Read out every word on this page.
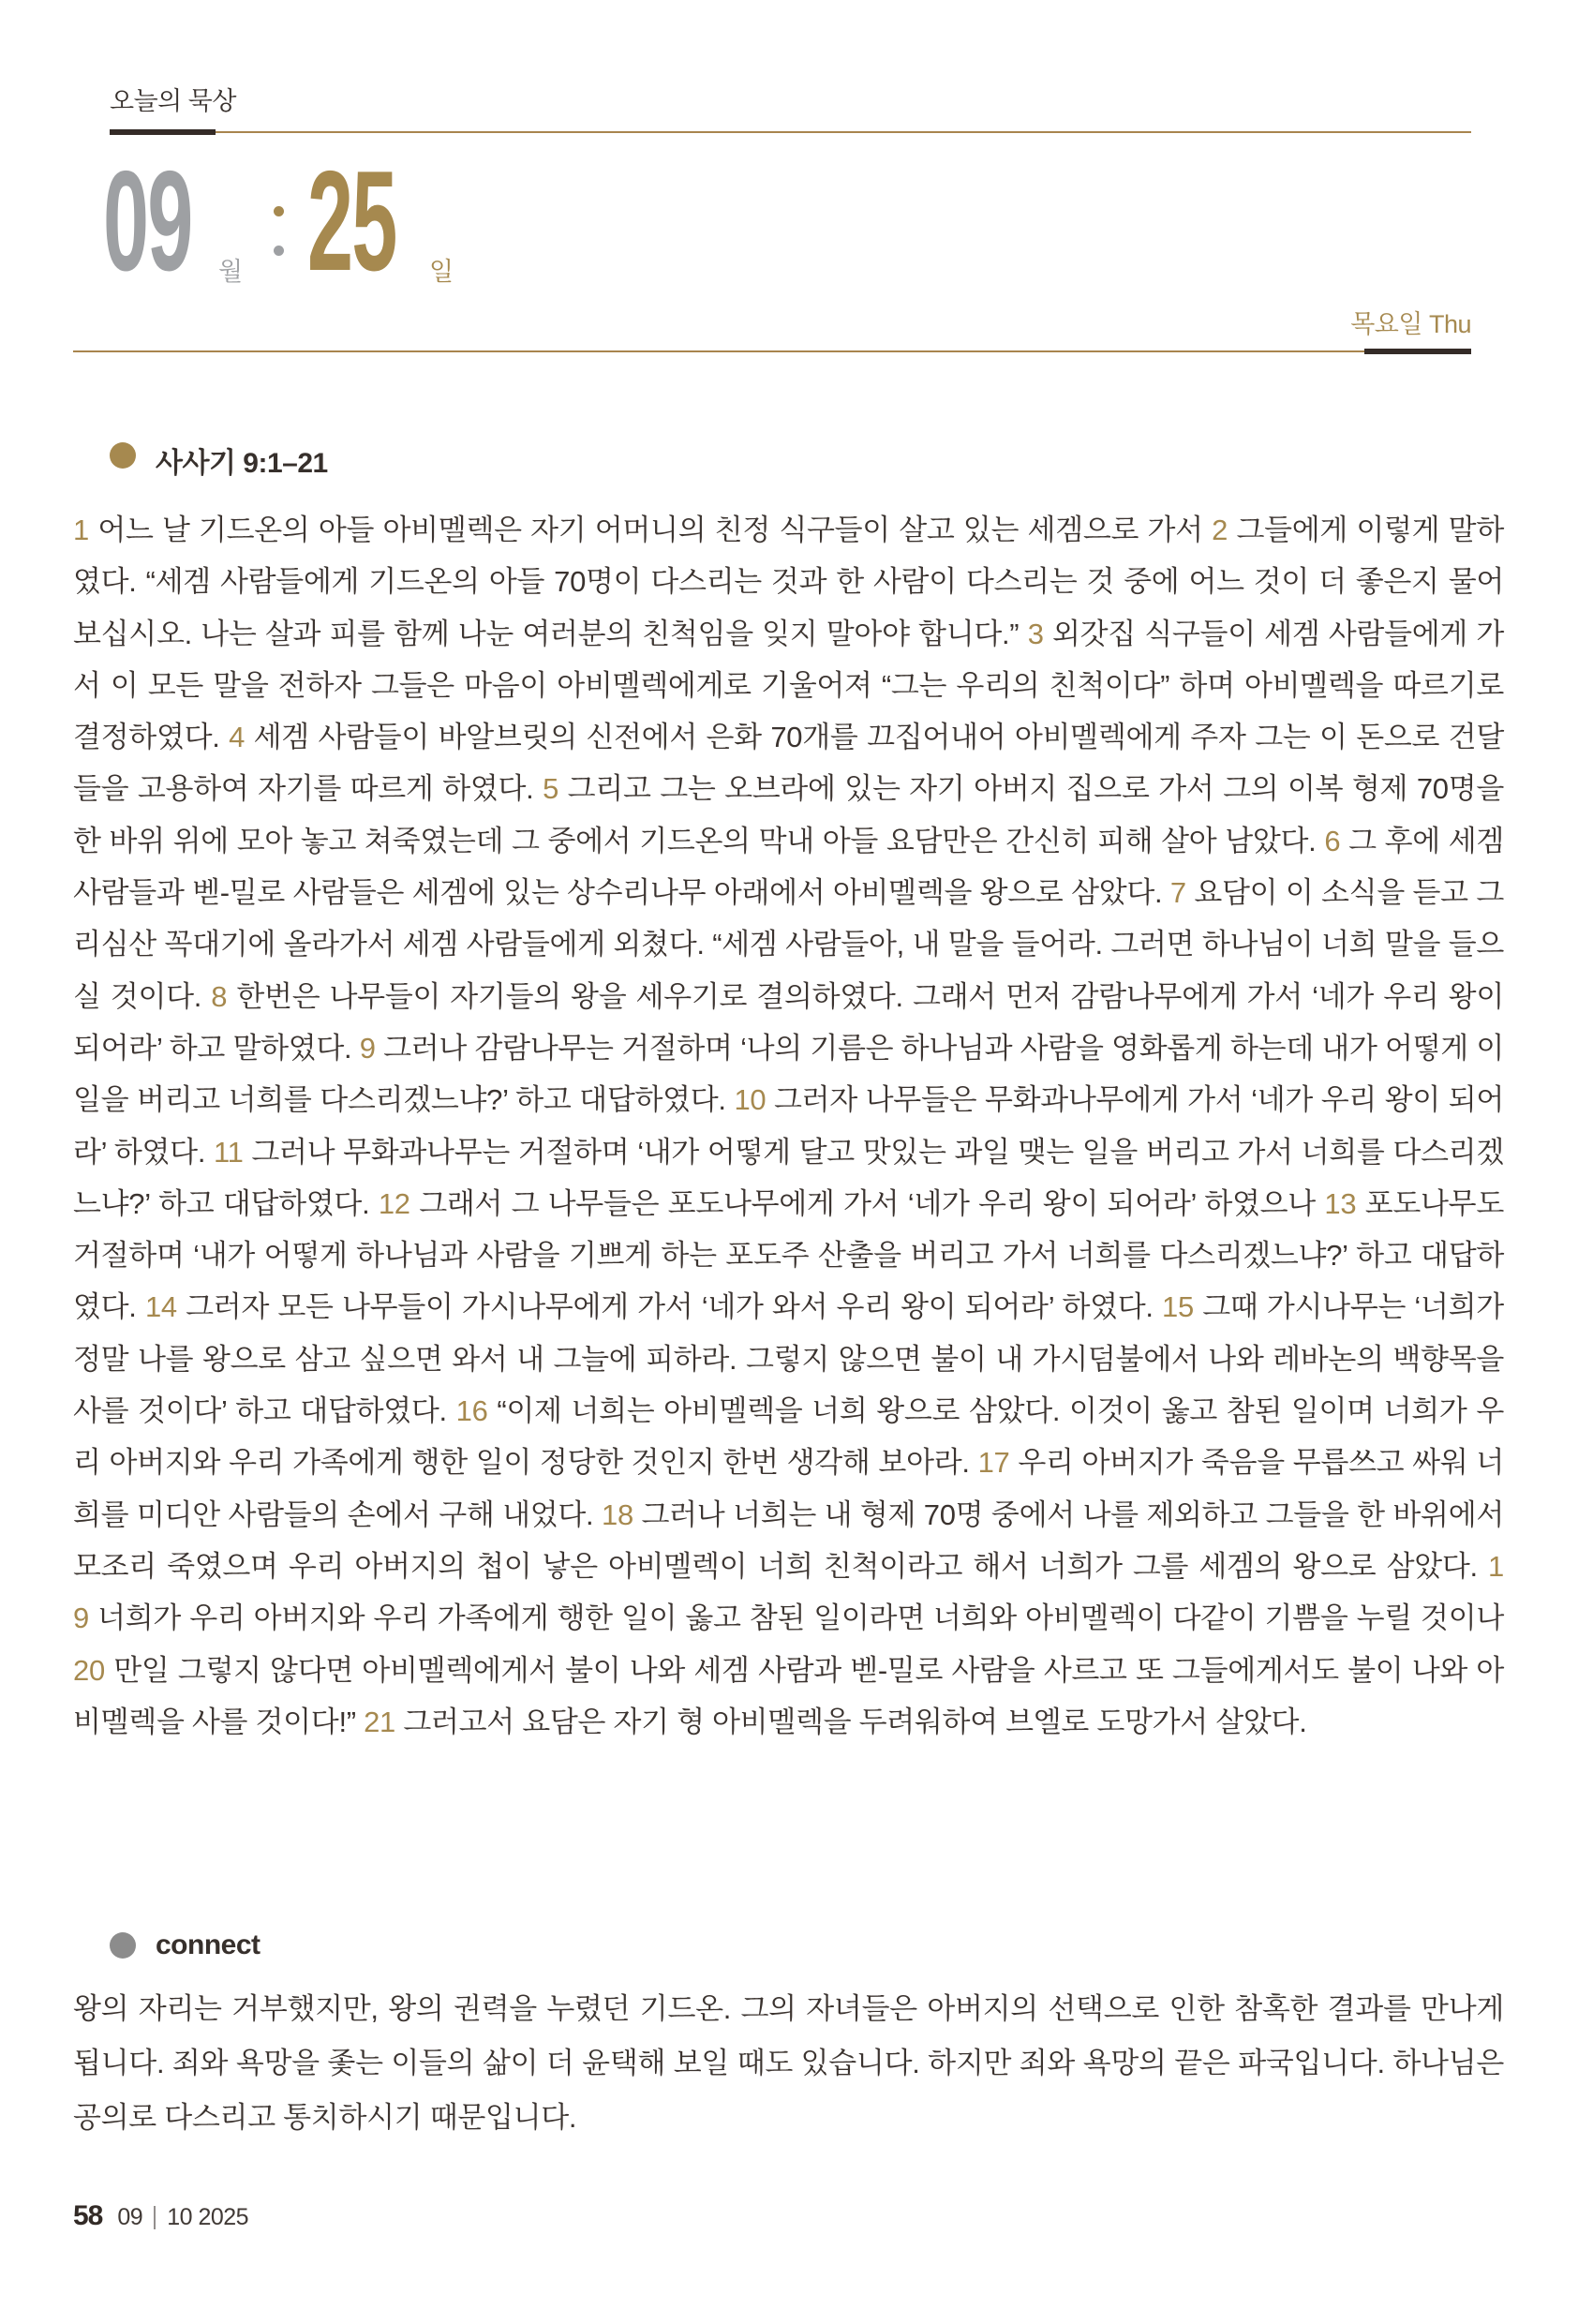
오늘의 묵상
09 월 25 일
목요일 Thu
사사기 9:1–21

1 어느 날 기드온의 아들 아비멜렉은 자기 어머니의 친정 식구들이 살고 있는 세겜으로 가서 2 그들에게 이렇게 말하였다. “세겜 사람들에게 기드온의 아들 70명이 다스리는 것과 한 사람이 다스리는 것 중에 어느 것이 더 좋은지 물어 보십시오. 나는 살과 피를 함께 나눈 여러분의 친척임을 잊지 말아야 합니다.” 3 외갓집 식구들이 세겜 사람들에게 가서 이 모든 말을 전하자 그들은 마음이 아비멜렉에게로 기울어져 “그는 우리의 친척이다” 하며 아비멜렉을 따르기로 결정하였다. 4 세겜 사람들이 바알브릿의 신전에서 은화 70개를 끄집어내어 아비멜렉에게 주자 그는 이 돈으로 건달들을 고용하여 자기를 따르게 하였다. 5 그리고 그는 오브라에 있는 자기 아버지 집으로 가서 그의 이복 형제 70명을 한 바위 위에 모아 놓고 쳐죽였는데 그 중에서 기드온의 막내 아들 요담만은 간신히 피해 살아 남았다. 6 그 후에 세겜 사람들과 벧-밀로 사람들은 세겜에 있는 상수리나무 아래에서 아비멜렉을 왕으로 삼았다. 7 요담이 이 소식을 듣고 그리심산 꼭대기에 올라가서 세겜 사람들에게 외쳤다. “세겜 사람들아, 내 말을 들어라. 그러면 하나님이 너희 말을 들으실 것이다. 8 한번은 나무들이 자기들의 왕을 세우기로 결의하였다. 그래서 먼저 감람나무에게 가서 ‘네가 우리 왕이 되어라’ 하고 말하였다. 9 그러나 감람나무는 거절하며 ‘나의 기름은 하나님과 사람을 영화롭게 하는데 내가 어떻게 이 일을 버리고 너희를 다스리겠느냐?’ 하고 대답하였다. 10 그러자 나무들은 무화과나무에게 가서 ‘네가 우리 왕이 되어라’ 하였다. 11 그러나 무화과나무는 거절하며 ‘내가 어떻게 달고 맛있는 과일 맺는 일을 버리고 가서 너희를 다스리겠느냐?’ 하고 대답하였다. 12 그래서 그 나무들은 포도나무에게 가서 ‘네가 우리 왕이 되어라’ 하였으나 13 포도나무도 거절하며 ‘내가 어떻게 하나님과 사람을 기쁘게 하는 포도주 산출을 버리고 가서 너희를 다스리겠느냐?’ 하고 대답하였다. 14 그러자 모든 나무들이 가시나무에게 가서 ‘네가 와서 우리 왕이 되어라’ 하였다. 15 그때 가시나무는 ‘너희가 정말 나를 왕으로 삼고 싶으면 와서 내 그늘에 피하라. 그렇지 않으면 불이 내 가시덤불에서 나와 레바논의 백향목을 사를 것이다’ 하고 대답하였다. 16 “이제 너희는 아비멜렉을 너희 왕으로 삼았다. 이것이 옳고 참된 일이며 너희가 우리 아버지와 우리 가족에게 행한 일이 정당한 것인지 한번 생각해 보아라. 17 우리 아버지가 죽음을 무릅쓰고 싸워 너희를 미디안 사람들의 손에서 구해 내었다. 18 그러나 너희는 내 형제 70명 중에서 나를 제외하고 그들을 한 바위에서 모조리 죽였으며 우리 아버지의 첩이 낳은 아비멜렉이 너희 친척이라고 해서 너희가 그를 세겜의 왕으로 삼았다. 19 너희가 우리 아버지와 우리 가족에게 행한 일이 옳고 참된 일이라면 너희와 아비멜렉이 다같이 기쁨을 누릴 것이나 20 만일 그렇지 않다면 아비멜렉에게서 불이 나와 세겜 사람과 벧-밀로 사람을 사르고 또 그들에게서도 불이 나와 아비멜렉을 사를 것이다!” 21 그러고서 요담은 자기 형 아비멜렉을 두려워하여 브엘로 도망가서 살았다.

connect

왕의 자리는 거부했지만, 왕의 권력을 누렸던 기드온. 그의 자녀들은 아버지의 선택으로 인한 참혹한 결과를 만나게 됩니다. 죄와 욕망을 좇는 이들의 삶이 더 윤택해 보일 때도 있습니다. 하지만 죄와 욕망의 끝은 파국입니다. 하나님은 공의로 다스리고 통치하시기 때문입니다.

58 09 10 2025
